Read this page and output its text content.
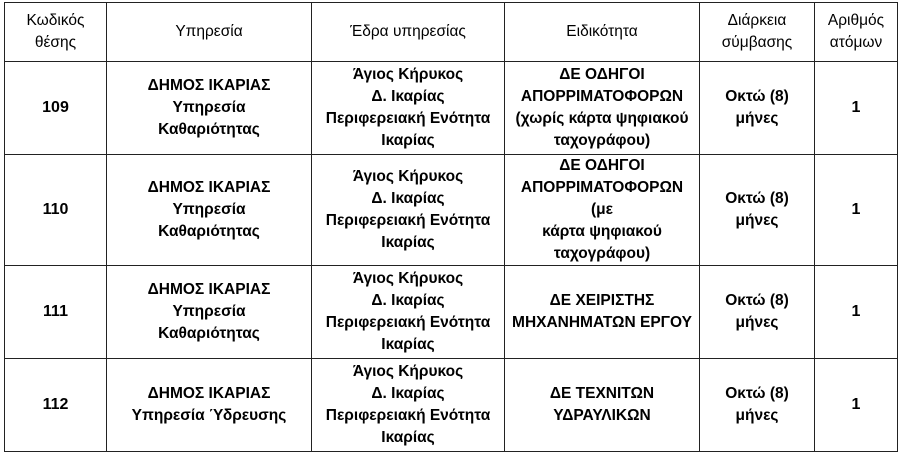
Κωδικός
θέσης	Υπηρεσία	Έδρα υπηρεσίας	Ειδικότητα	Διάρκεια
σύμβασης	Αριθμός
ατόμων

109	ΔΗΜΟΣ ΙΚΑΡΙΑΣ
Υπηρεσία
Καθαριότητας	Άγιος Κήρυκος
Δ. Ικαρίας
Περιφερειακή Ενότητα
Ικαρίας	ΔΕ ΟΔΗΓΟΙ
ΑΠΟΡΡΙΜΑΤΟΦΟΡΩΝ
(χωρίς κάρτα ψηφιακού
ταχογράφου)	Οκτώ (8)
μήνες	1

110	ΔΗΜΟΣ ΙΚΑΡΙΑΣ
Υπηρεσία
Καθαριότητας	Άγιος Κήρυκος
Δ. Ικαρίας
Περιφερειακή Ενότητα
Ικαρίας	ΔΕ ΟΔΗΓΟΙ
ΑΠΟΡΡΙΜΑΤΟΦΟΡΩΝ (με
κάρτα ψηφιακού
ταχογράφου)	Οκτώ (8)
μήνες	1

111	ΔΗΜΟΣ ΙΚΑΡΙΑΣ
Υπηρεσία
Καθαριότητας	Άγιος Κήρυκος
Δ. Ικαρίας
Περιφερειακή Ενότητα
Ικαρίας	ΔΕ ΧΕΙΡΙΣΤΗΣ
ΜΗΧΑΝΗΜΑΤΩΝ ΕΡΓΟΥ	Οκτώ (8)
μήνες	1

112	ΔΗΜΟΣ ΙΚΑΡΙΑΣ
Υπηρεσία Ύδρευσης	Άγιος Κήρυκος
Δ. Ικαρίας
Περιφερειακή Ενότητα
Ικαρίας	ΔΕ ΤΕΧΝΙΤΩΝ
ΥΔΡΑΥΛΙΚΩΝ	Οκτώ (8)
μήνες	1
